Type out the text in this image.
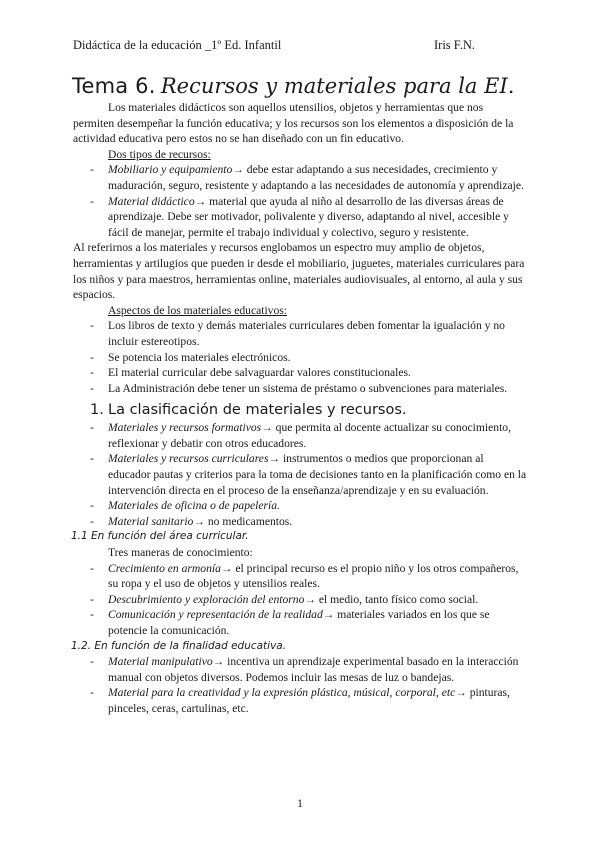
Didáctica de la educación _1º Ed. Infantil	Iris F.N.
Tema 6. Recursos y materiales para la EI.

Los materiales didácticos son aquellos utensilios, objetos y herramientas que nos permiten desempeñar la función educativa; y los recursos son los elementos a disposición de la actividad educativa pero estos no se han diseñado con un fin educativo.

Dos tipos de recursos:

- Mobiliario y equipamiento→ debe estar adaptando a sus necesidades, crecimiento y maduración, seguro, resistente y adaptando a las necesidades de autonomía y aprendizaje.
- Material didáctico→ material que ayuda al niño al desarrollo de las diversas áreas de aprendizaje. Debe ser motivador, polivalente y diverso, adaptando al nivel, accesible y fácil de manejar, permite el trabajo individual y colectivo, seguro y resistente.

Al referirnos a los materiales y recursos englobamos un espectro muy amplio de objetos, herramientas y artilugios que pueden ir desde el mobiliario, juguetes, materiales curriculares para los niños y para maestros, herramientas online, materiales audiovisuales, al entorno, al aula y sus espacios.

Aspectos de los materiales educativos:

- Los libros de texto y demás materiales curriculares deben fomentar la igualación y no incluir estereotipos.
- Se potencia los materiales electrónicos.
- El material curricular debe salvaguardar valores constitucionales.
- La Administración debe tener un sistema de préstamo o subvenciones para materiales.
1. La clasificación de materiales y recursos.
- Materiales y recursos formativos→ que permita al docente actualizar su conocimiento, reflexionar y debatir con otros educadores.
- Materiales y recursos curriculares→ instrumentos o medios que proporcionan al educador pautas y criterios para la toma de decisiones tanto en la planificación como en la intervención directa en el proceso de la enseñanza/aprendizaje y en su evaluación.
- Materiales de oficina o de papelería.
- Material sanitario→ no medicamentos.

1.1 En función del área curricular.

Tres maneras de conocimiento:

- Crecimiento en armonía→ el principal recurso es el propio niño y los otros compañeros, su ropa y el uso de objetos y utensilios reales.
- Descubrimiento y exploración del entorno→ el medio, tanto físico como social.
- Comunicación y representación de la realidad→ materiales variados en los que se potencie la comunicación.

1.2. En función de la finalidad educativa.

- Material manipulativo→ incentiva un aprendizaje experimental basado en la interacción manual con objetos diversos. Podemos incluir las mesas de luz o bandejas.
- Material para la creatividad y la expresión plástica, músical, corporal, etc→ pinturas, pinceles, ceras, cartulinas, etc.
1
